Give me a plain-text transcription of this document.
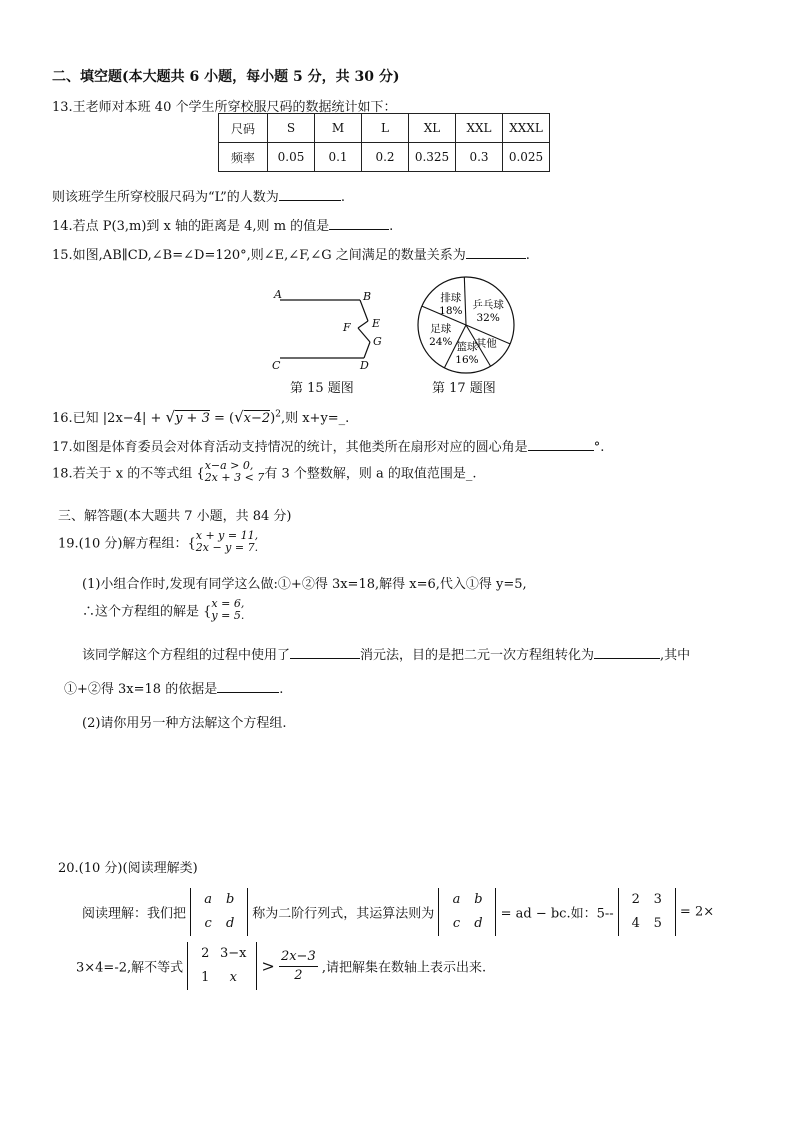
二、填空题(本大题共 6 小题，每小题 5 分，共 30 分)
13.王老师对本班 40 个学生所穿校服尺码的数据统计如下：
尺码	S	M	L	XL	XXL	XXXL
频率	0.05	0.1	0.2	0.325	0.3	0.025
则该班学生所穿校服尺码为“L”的人数为	.
14.若点 P(3,m)到 x 轴的距离是 4,则 m 的值是	.
15.如图,AB∥CD,∠B=∠D=120°,则∠E,∠F,∠G 之间满足的数量关系为	.
A	B
E
F
G
C	D
第 15 题图
排球
18%
乒乓球
32%
其他
篮球
16%
足球
24%
第 17 题图
16.已知 $|2x-4| + √y + 3 = (√x-2)^2$,则 x+y=_.
17.如图是体育委员会对体育活动支持情况的统计，其他类所在扇形对应的圆心角是	°.
18.若关于 x 的不等式组 {x−a > 0,
2x + 3 < 7有 3 个整数解，则 a 的取值范围是_.
三、解答题(本大题共 7 小题，共 84 分)
19.(10 分)解方程组：{x + y = 11,
2x − y = 7.
(1)小组合作时,发现有同学这么做:①+②得 3x=18,解得 x=6,代入①得 y=5,
∴这个方程组的解是 {x = 6,
y = 5.
该同学解这个方程组的过程中使用了	消元法，目的是把二元一次方程组转化为	,其中
①+②得 3x=18 的依据是	.
(2)请你用另一种方法解这个方程组.
20.(10 分)(阅读理解类)
阅读理解：我们把 a b
c d 称为二阶行列式，其运算法则为 a b
c d = ad − bc.如：5-- 2 3
4 5 = 2×
3×4=-2,解不等式 2 3−x
1 $x > \frac{2x-3}{2}$ ,请把解集在数轴上表示出来.
